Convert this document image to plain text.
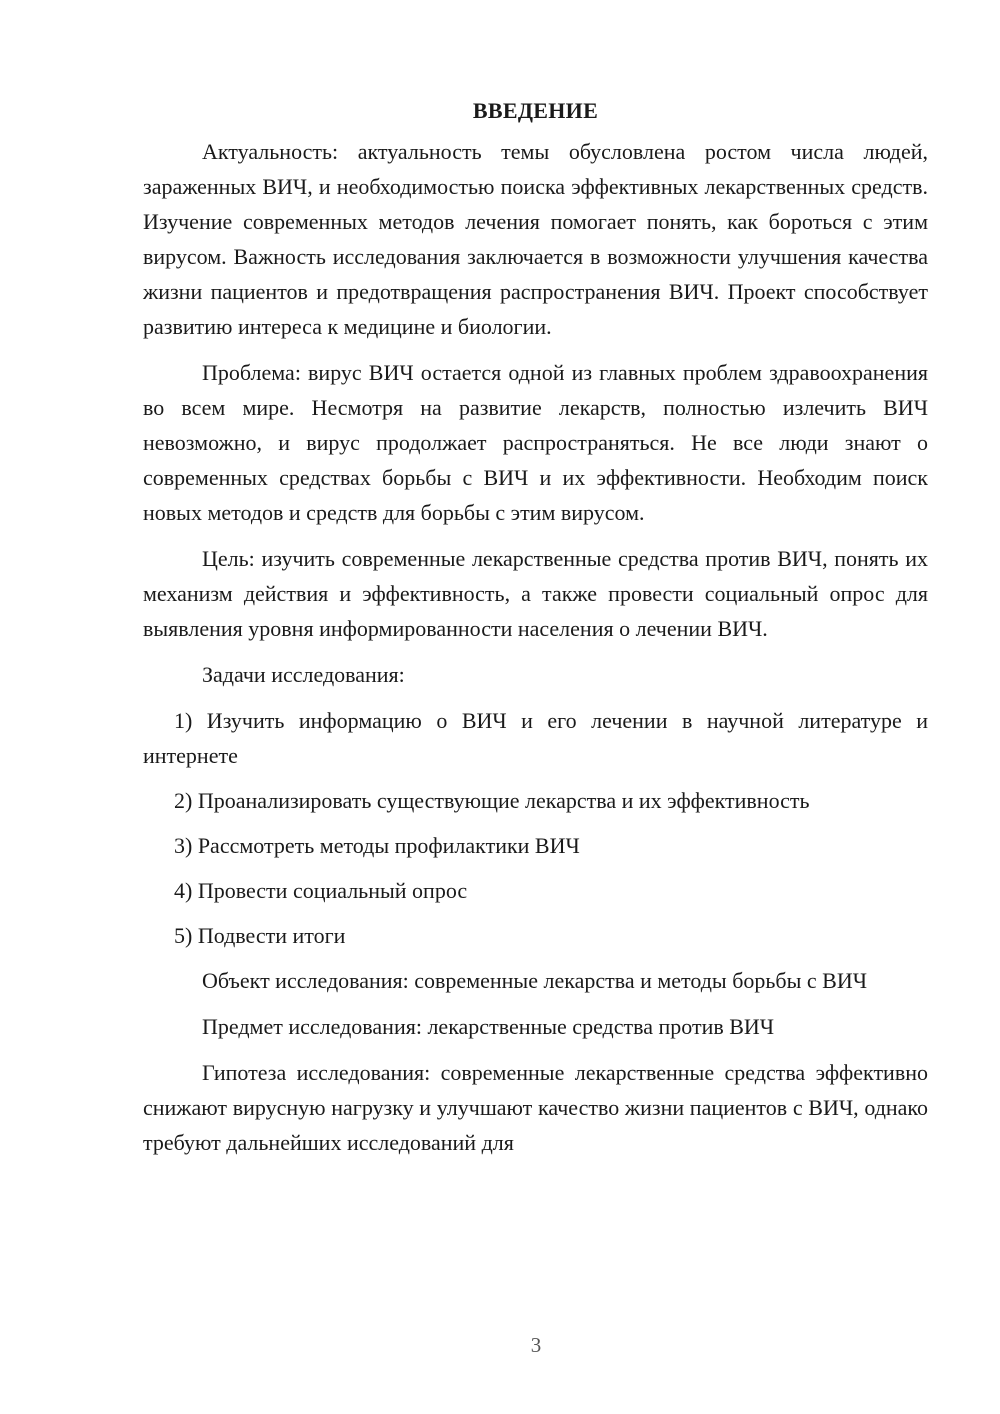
ВВЕДЕНИЕ

Актуальность: актуальность темы обусловлена ростом числа людей, зараженных ВИЧ, и необходимостью поиска эффективных лекарственных средств. Изучение современных методов лечения помогает понять, как бороться с этим вирусом. Важность исследования заключается в возможности улучшения качества жизни пациентов и предотвращения распространения ВИЧ. Проект способствует развитию интереса к медицине и биологии.

Проблема: вирус ВИЧ остается одной из главных проблем здравоохранения во всем мире. Несмотря на развитие лекарств, полностью излечить ВИЧ невозможно, и вирус продолжает распространяться. Не все люди знают о современных средствах борьбы с ВИЧ и их эффективности. Необходим поиск новых методов и средств для борьбы с этим вирусом.

Цель: изучить современные лекарственные средства против ВИЧ, понять их механизм действия и эффективность, а также провести социальный опрос для выявления уровня информированности населения о лечении ВИЧ.

Задачи исследования:

1) Изучить информацию о ВИЧ и его лечении в научной литературе и интернете

2) Проанализировать существующие лекарства и их эффективность

3) Рассмотреть методы профилактики ВИЧ

4) Провести социальный опрос

5) Подвести итоги

Объект исследования: современные лекарства и методы борьбы с ВИЧ

Предмет исследования: лекарственные средства против ВИЧ

Гипотеза исследования: современные лекарственные средства эффективно снижают вирусную нагрузку и улучшают качество жизни пациентов с ВИЧ, однако требуют дальнейших исследований для

3
